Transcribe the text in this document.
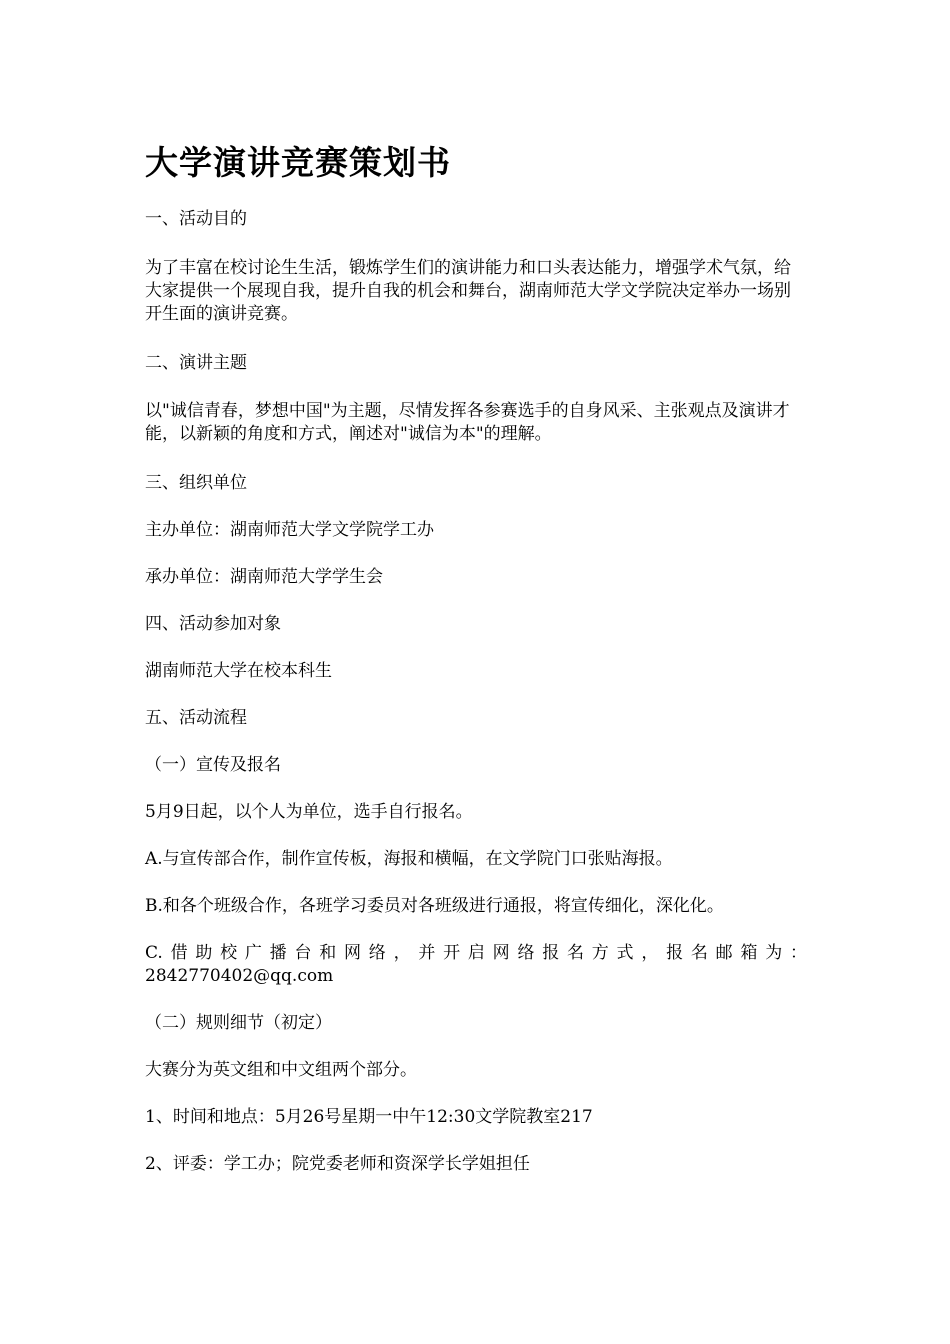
大学演讲竞赛策划书

一、活动目的

为了丰富在校讨论生生活，锻炼学生们的演讲能力和口头表达能力，增强学术气氛，给大家提供一个展现自我，提升自我的机会和舞台，湖南师范大学文学院决定举办一场别开生面的演讲竞赛。

二、演讲主题

以"诚信青春，梦想中国"为主题，尽情发挥各参赛选手的自身风采、主张观点及演讲才能，以新颖的角度和方式，阐述对"诚信为本"的理解。

三、组织单位

主办单位：湖南师范大学文学院学工办

承办单位：湖南师范大学学生会

四、活动参加对象

湖南师范大学在校本科生

五、活动流程

（一）宣传及报名

5月9日起，以个人为单位，选手自行报名。

A.与宣传部合作，制作宣传板，海报和横幅，在文学院门口张贴海报。

B.和各个班级合作，各班学习委员对各班级进行通报，将宣传细化，深化化。

C.借助校广播台和网络，并开启网络报名方式，报名邮箱为：

2842770402@qq.com

（二）规则细节（初定）

大赛分为英文组和中文组两个部分。

1、时间和地点：5月26号星期一中午12:30文学院教室217

2、评委：学工办；院党委老师和资深学长学姐担任
